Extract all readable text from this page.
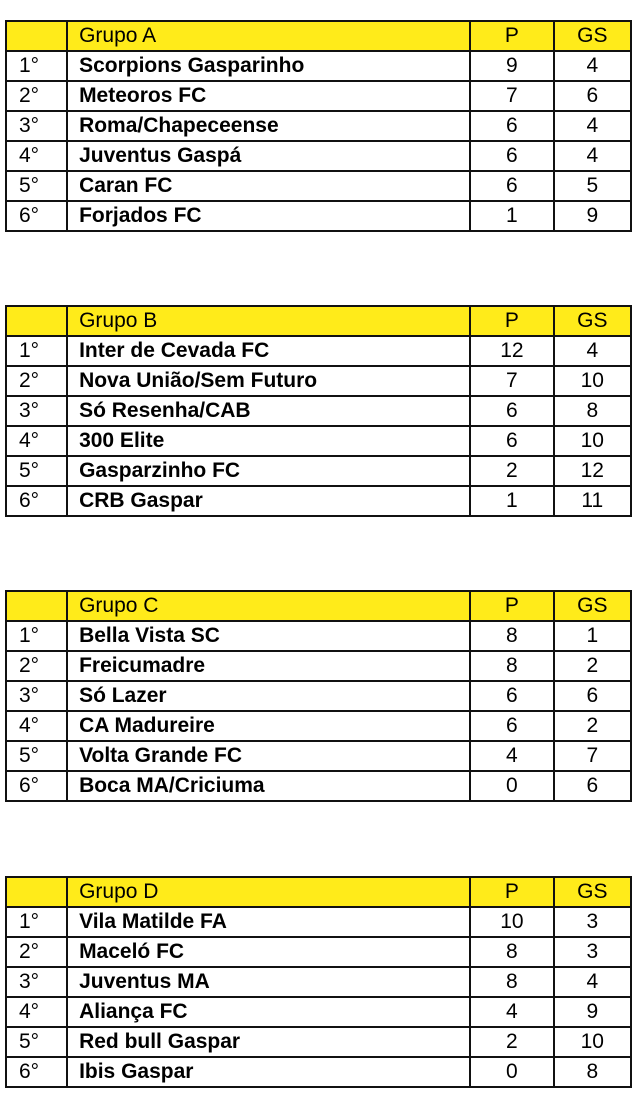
	Grupo A	P	GS
1°	Scorpions Gasparinho	9	4
2°	Meteoros FC	7	6
3°	Roma/Chapeceense	6	4
4°	Juventus Gaspá	6	4
5°	Caran FC	6	5
6°	Forjados FC	1	9
	Grupo B	P	GS
1°	Inter de Cevada FC	12	4
2°	Nova União/Sem Futuro	7	10
3°	Só Resenha/CAB	6	8
4°	300 Elite	6	10
5°	Gasparzinho FC	2	12
6°	CRB Gaspar	1	11
	Grupo C	P	GS
1°	Bella Vista SC	8	1
2°	Freicumadre	8	2
3°	Só Lazer	6	6
4°	CA Madureire	6	2
5°	Volta Grande FC	4	7
6°	Boca MA/Criciuma	0	6
	Grupo D	P	GS
1°	Vila Matilde FA	10	3
2°	Maceló FC	8	3
3°	Juventus MA	8	4
4°	Aliança FC	4	9
5°	Red bull Gaspar	2	10
6°	Ibis Gaspar	0	8
